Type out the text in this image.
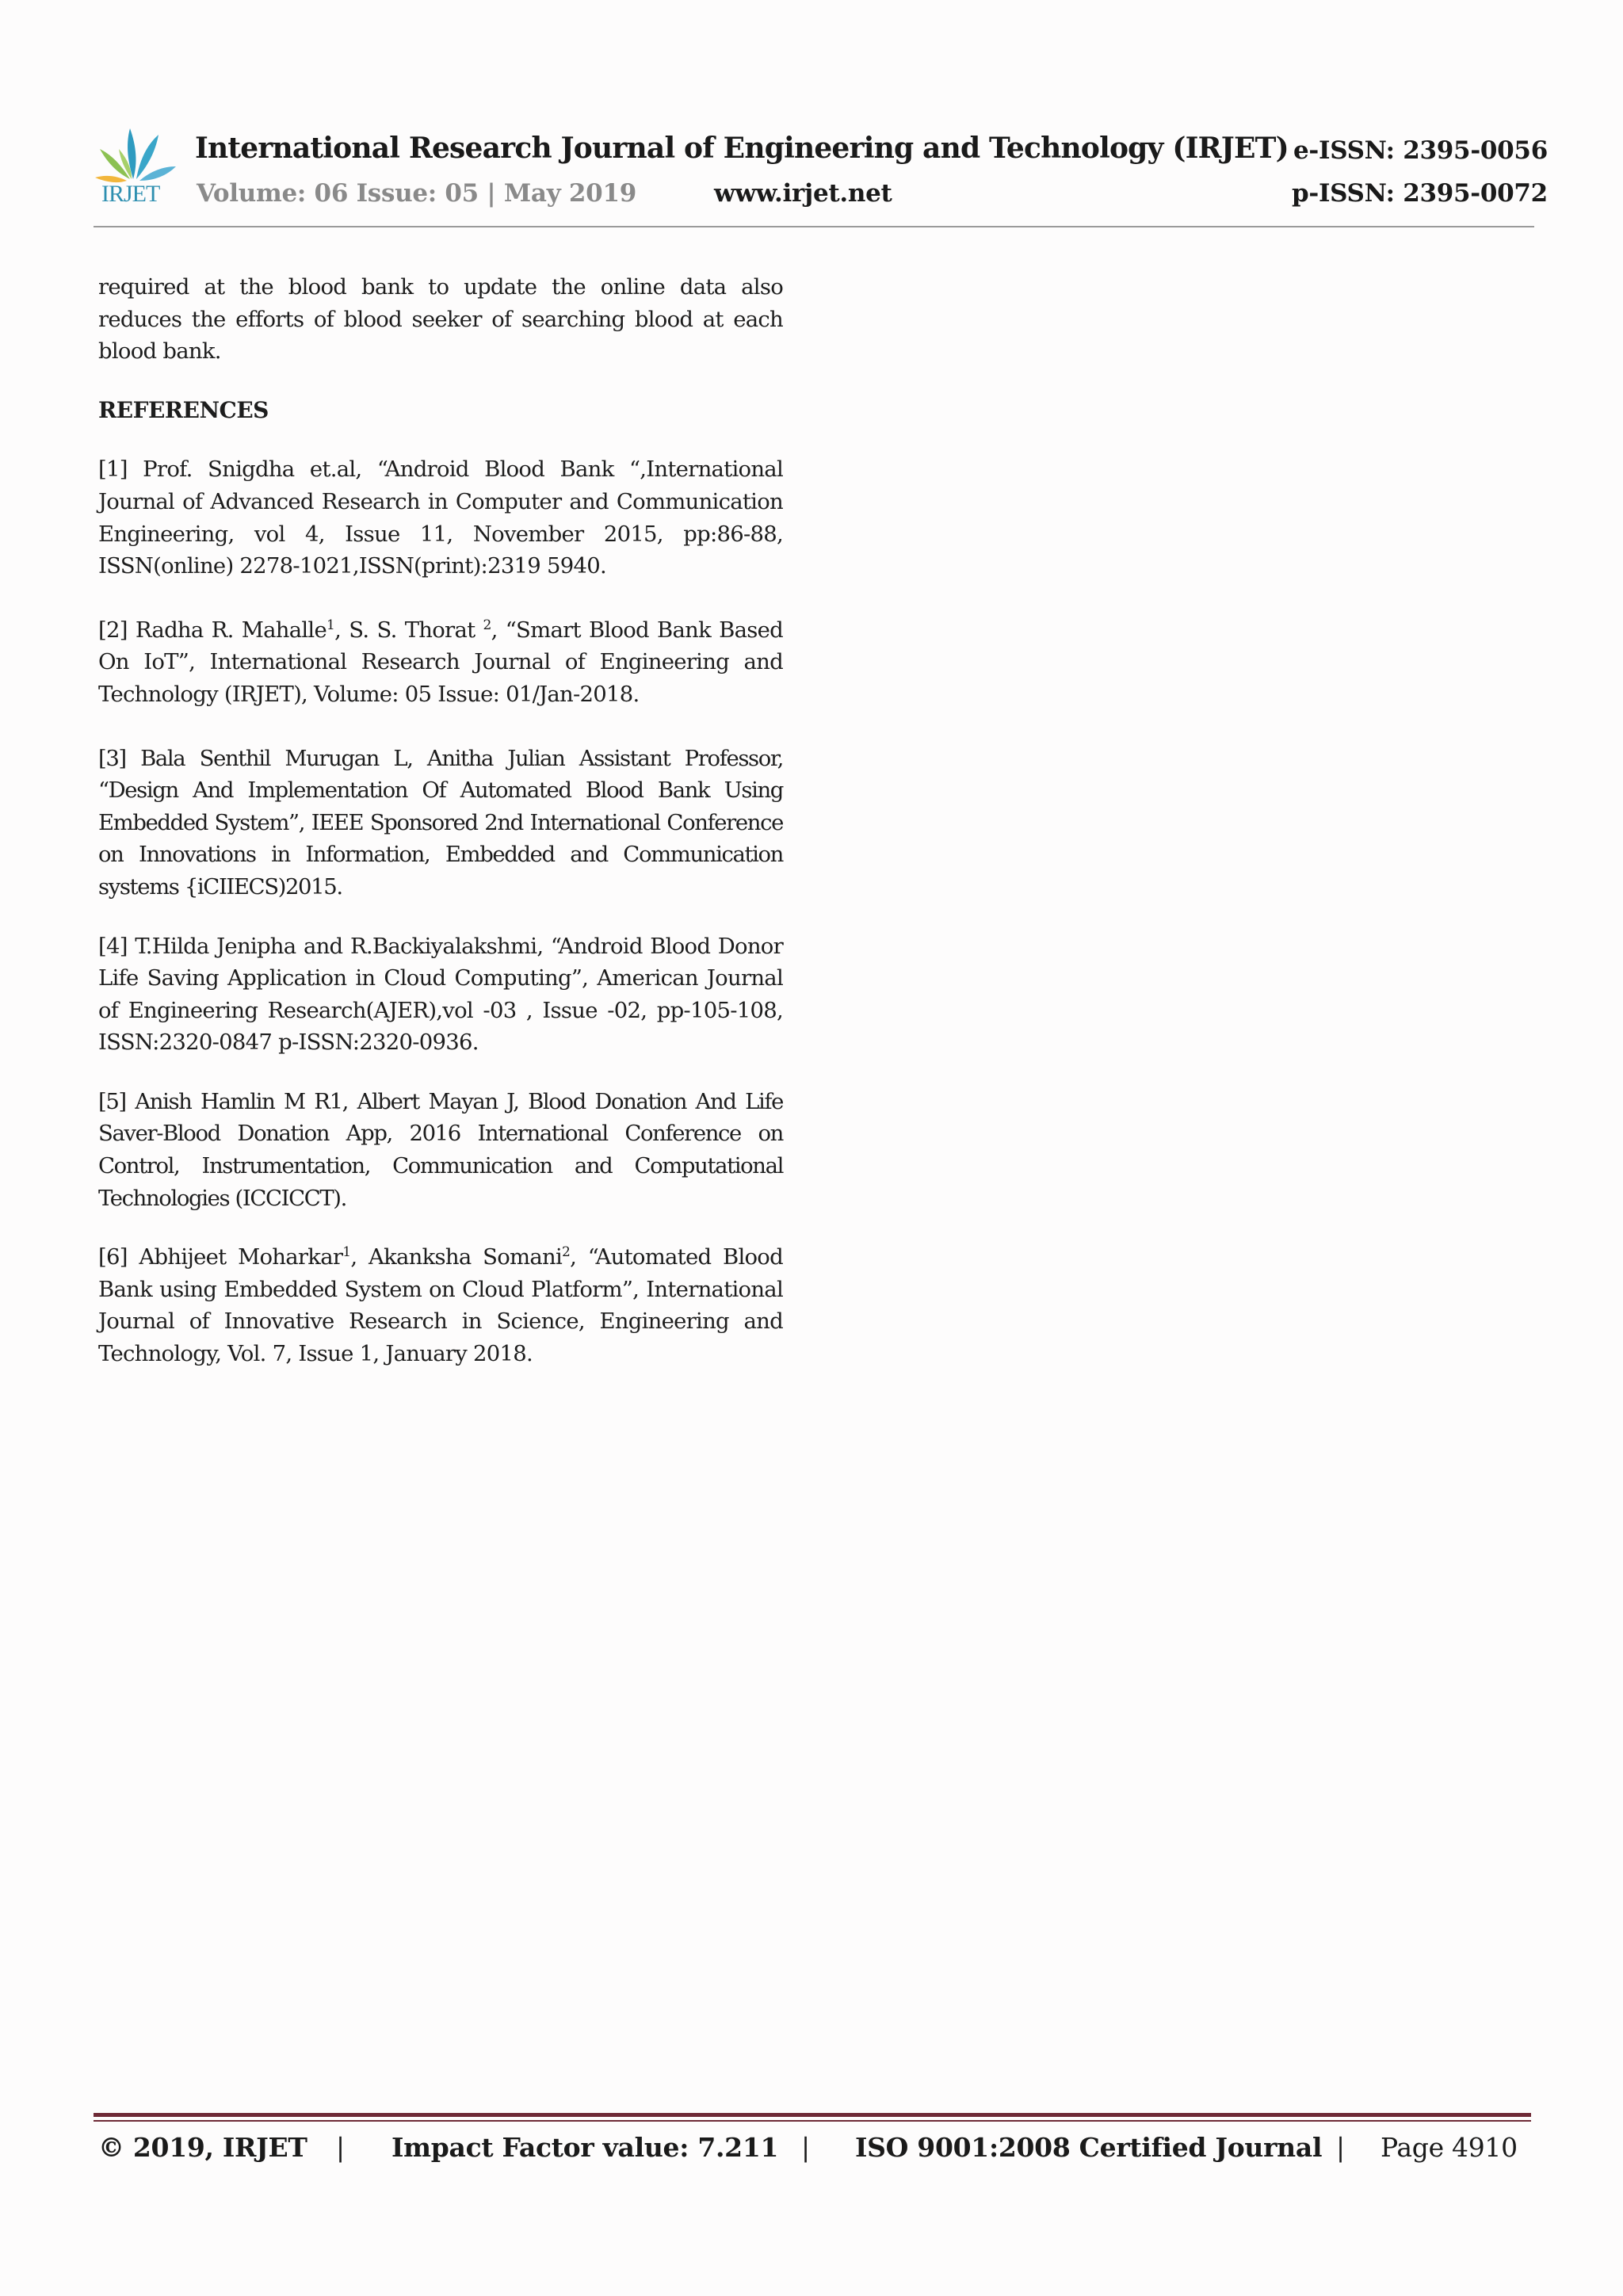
IRJET
International Research Journal of Engineering and Technology (IRJET)
Volume: 06 Issue: 05 | May 2019	www.irjet.net
e-ISSN: 2395-0056
p-ISSN: 2395-0072

required at the blood bank to update the online data also reduces the efforts of blood seeker of searching blood at each blood bank.

REFERENCES

[1] Prof. Snigdha et.al, “Android Blood Bank “,International Journal of Advanced Research in Computer and Communication Engineering, vol 4, Issue 11, November 2015, pp:86-88, ISSN(online) 2278-1021,ISSN(print):2319 5940.

[2] Radha R. Mahalle$^1$, S. S. Thorat $^2$, “Smart Blood Bank Based On IoT”, International Research Journal of Engineering and Technology (IRJET), Volume: 05 Issue: 01/Jan-2018.

[3] Bala Senthil Murugan L, Anitha Julian Assistant Professor, “Design And Implementation Of Automated Blood Bank Using Embedded System”, IEEE Sponsored 2nd International Conference on Innovations in Information, Embedded and Communication systems {iCIIECS)2015.

[4] T.Hilda Jenipha and R.Backiyalakshmi, “Android Blood Donor Life Saving Application in Cloud Computing”, American Journal of Engineering Research(AJER),vol -03 , Issue -02, pp-105-108, ISSN:2320-0847 p-ISSN:2320-0936.

[5] Anish Hamlin M R1, Albert Mayan J, Blood Donation And Life Saver-Blood Donation App, 2016 International Conference on Control, Instrumentation, Communication and Computational Technologies (ICCICCT).

[6] Abhijeet Moharkar$^1$, Akanksha Somani$^2$, “Automated Blood Bank using Embedded System on Cloud Platform”, International Journal of Innovative Research in Science, Engineering and Technology, Vol. 7, Issue 1, January 2018.

© 2019, IRJET | Impact Factor value: 7.211 | ISO 9001:2008 Certified Journal | Page 4910
